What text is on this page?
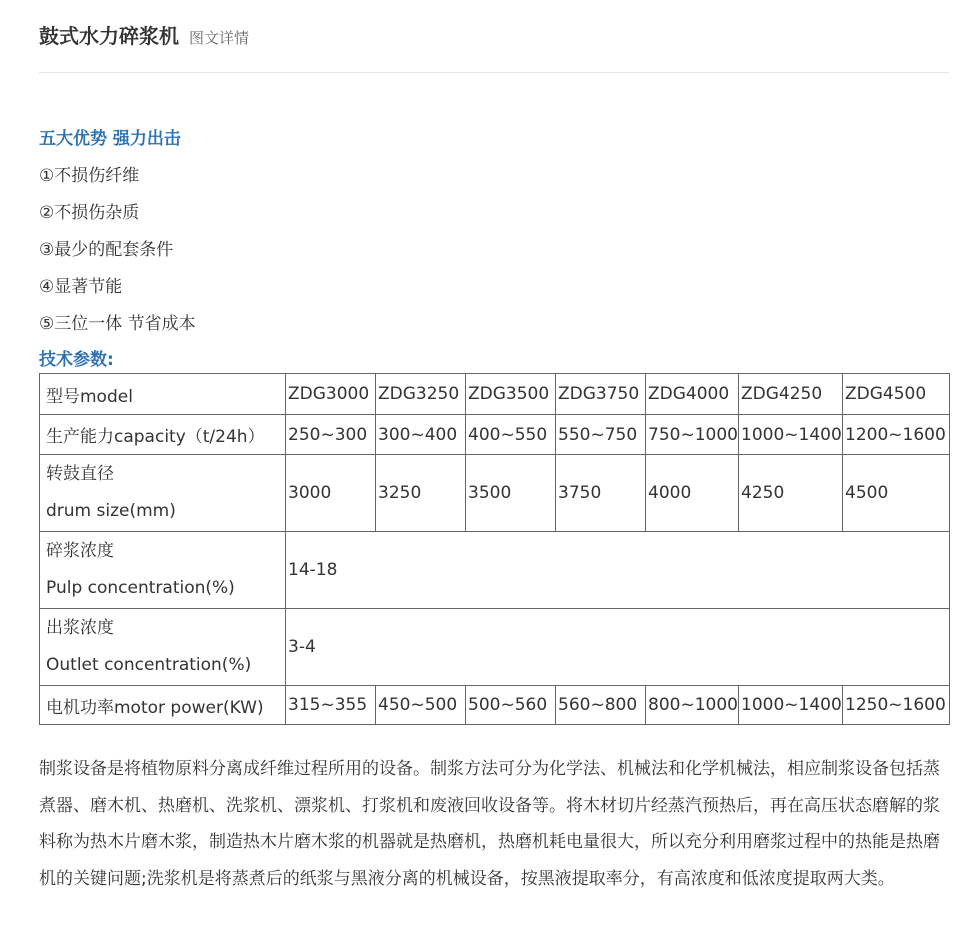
鼓式水力碎浆机 图文详情
五大优势 强力出击
①不损伤纤维
②不损伤杂质
③最少的配套条件
④显著节能
⑤三位一体 节省成本
技术参数:
型号model	ZDG3000	ZDG3250	ZDG3500	ZDG3750	ZDG4000	ZDG4250	ZDG4500
生产能力capacity（t/24h）	250~300	300~400	400~550	550~750	750~1000	1000~1400	1200~1600

转鼓直径
drum size(mm)	3000	3250	3500	3750	4000	4250	4500

碎浆浓度
Pulp concentration(%)	14-18						

出浆浓度
Outlet concentration(%)	3-4						
电机功率motor power(KW)	315~355	450~500	500~560	560~800	800~1000	1000~1400	1250~1600

制浆设备是将植物原料分离成纤维过程所用的设备。制浆方法可分为化学法、机械法和化学机械法，相应制浆设备包括蒸煮器、磨木机、热磨机、洗浆机、漂浆机、打浆机和废液回收设备等。将木材切片经蒸汽预热后，再在高压状态磨解的浆料称为热木片磨木浆，制造热木片磨木浆的机器就是热磨机，热磨机耗电量很大，所以充分利用磨浆过程中的热能是热磨机的关键问题;洗浆机是将蒸煮后的纸浆与黑液分离的机械设备，按黑液提取率分，有高浓度和低浓度提取两大类。
